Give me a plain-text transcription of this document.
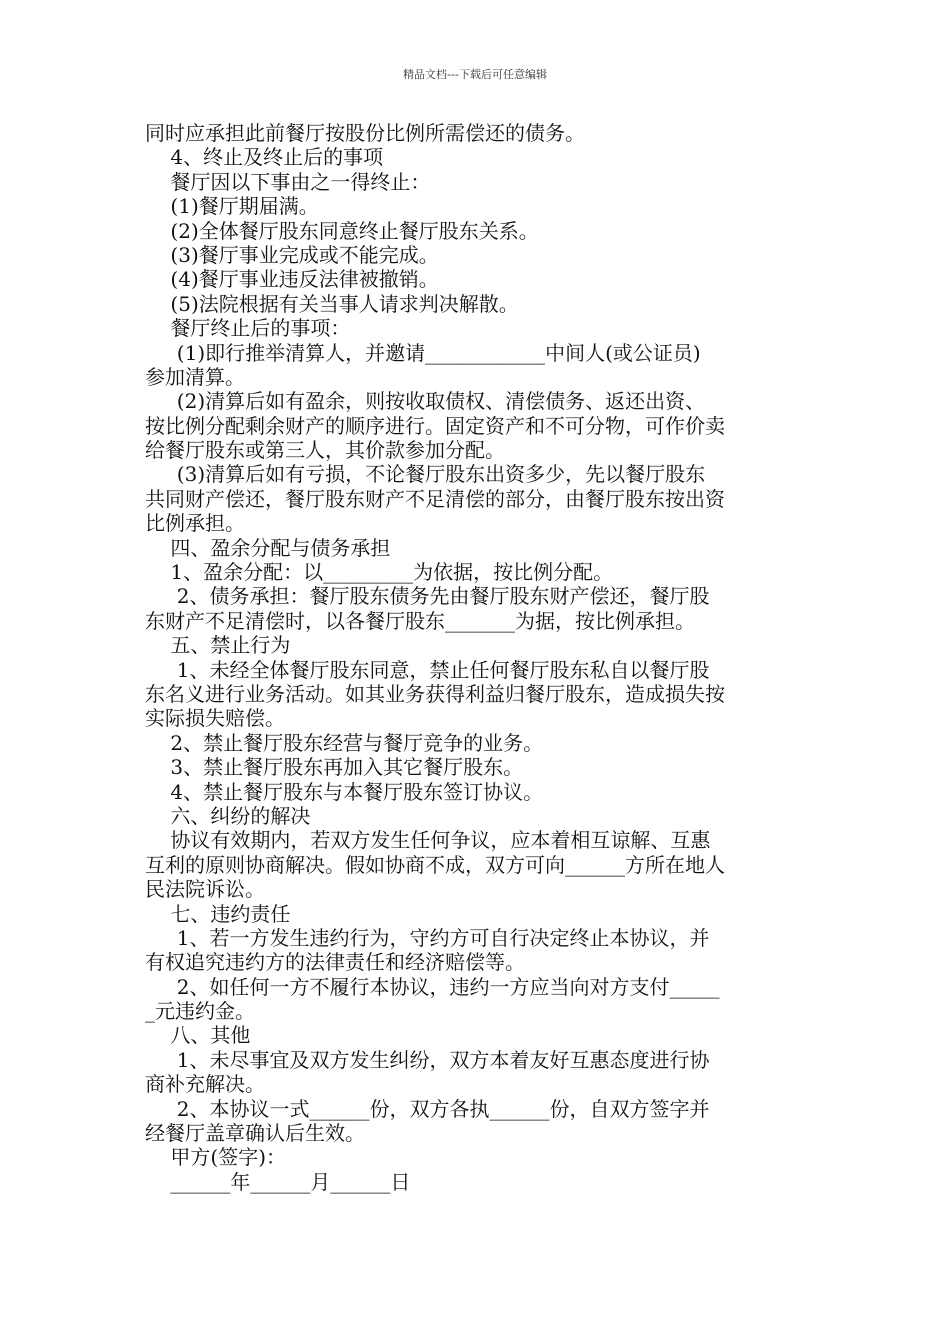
精品文档---下载后可任意编辑
同时应承担此前餐厅按股份比例所需偿还的债务。
4、终止及终止后的事项
餐厅因以下事由之一得终止：
(1)餐厅期届满。
(2)全体餐厅股东同意终止餐厅股东关系。
(3)餐厅事业完成或不能完成。
(4)餐厅事业违反法律被撤销。
(5)法院根据有关当事人请求判决解散。
餐厅终止后的事项：
(1)即行推举清算人，并邀请____________中间人(或公证员)
参加清算。
(2)清算后如有盈余，则按收取债权、清偿债务、返还出资、
按比例分配剩余财产的顺序进行。固定资产和不可分物，可作价卖
给餐厅股东或第三人，其价款参加分配。
(3)清算后如有亏损，不论餐厅股东出资多少，先以餐厅股东
共同财产偿还，餐厅股东财产不足清偿的部分，由餐厅股东按出资
比例承担。
四、盈余分配与债务承担
1、盈余分配：以_________为依据，按比例分配。
2、债务承担：餐厅股东债务先由餐厅股东财产偿还，餐厅股
东财产不足清偿时，以各餐厅股东_______为据，按比例承担。
五、禁止行为
1、未经全体餐厅股东同意，禁止任何餐厅股东私自以餐厅股
东名义进行业务活动。如其业务获得利益归餐厅股东，造成损失按
实际损失赔偿。
2、禁止餐厅股东经营与餐厅竞争的业务。
3、禁止餐厅股东再加入其它餐厅股东。
4、禁止餐厅股东与本餐厅股东签订协议。
六、纠纷的解决
协议有效期内，若双方发生任何争议，应本着相互谅解、互惠
互利的原则协商解决。假如协商不成，双方可向______方所在地人
民法院诉讼。
七、违约责任
1、若一方发生违约行为，守约方可自行决定终止本协议，并
有权追究违约方的法律责任和经济赔偿等。
2、如任何一方不履行本协议，违约一方应当向对方支付_____
_元违约金。
八、其他
1、未尽事宜及双方发生纠纷，双方本着友好互惠态度进行协
商补充解决。
2、本协议一式______份，双方各执______份，自双方签字并
经餐厅盖章确认后生效。
甲方(签字)：
______年______月______日
